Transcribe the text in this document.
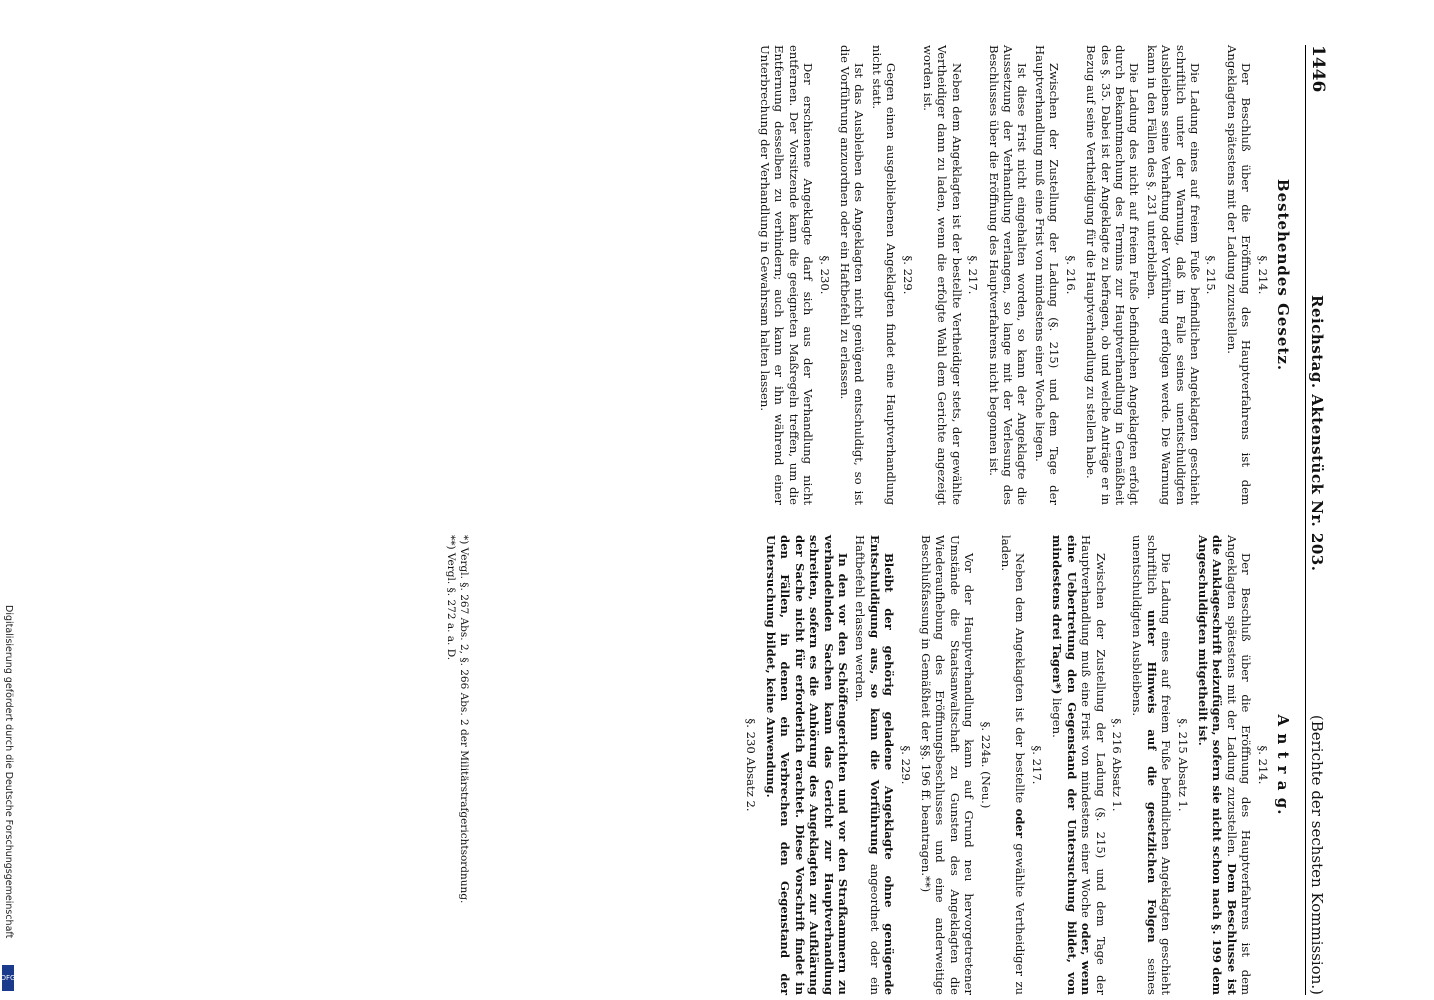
1446
Reichstag. Aktenstück Nr. 203.
(Berichte der sechsten Kommission.)
Bestehendes Gesetz.
§. 214.
Der Beschluß über die Eröffnung des Hauptverfahrens ist dem Angeklagten spätestens mit der Ladung zuzustellen.
§. 215.
Die Ladung eines auf freiem Fuße befindlichen Angeklagten geschieht schriftlich unter der Warnung, daß im Falle seines unentschuldigten Ausbleibens seine Verhaftung oder Vorführung erfolgen werde. Die Warnung kann in den Fällen des §. 231 unterbleiben.
Die Ladung des nicht auf freiem Fuße befindlichen Angeklagten erfolgt durch Bekanntmachung des Termins zur Hauptverhandlung in Gemäßheit des §. 35. Dabei ist der Angeklagte zu befragen, ob und welche Anträge er in Bezug auf seine Vertheidigung für die Hauptverhandlung zu stellen habe.
§. 216.
Zwischen der Zustellung der Ladung (§. 215) und dem Tage der Hauptverhandlung muß eine Frist von mindestens einer Woche liegen.
Ist diese Frist nicht eingehalten worden, so kann der Angeklagte die Aussetzung der Verhandlung verlangen, so lange mit der Verlesung des Beschlusses über die Eröffnung des Hauptverfahrens nicht begonnen ist.
§. 217.
Neben dem Angeklagten ist der bestellte Vertheidiger stets, der gewählte Vertheidiger dann zu laden, wenn die erfolgte Wahl dem Gerichte angezeigt worden ist.
§. 229.
Gegen einen ausgebliebenen Angeklagten findet eine Hauptverhandlung nicht statt.
Ist das Ausbleiben des Angeklagten nicht genügend entschuldigt, so ist die Vorführung anzuordnen oder ein Haftbefehl zu erlassen.
§. 230.
Der erschienene Angeklagte darf sich aus der Verhandlung nicht entfernen. Der Vorsitzende kann die geeigneten Maßregeln treffen, um die Entfernung desselben zu verhindern; auch kann er ihn während einer Unterbrechung der Verhandlung in Gewahrsam halten lassen.
A n t r a g.
§. 214.
Der Beschluß über die Eröffnung des Hauptverfahrens ist dem Angeklagten spätestens mit der Ladung zuzustellen. Dem Beschlusse ist die Anklageschrift beizufügen, sofern sie nicht schon nach §. 199 dem Angeschuldigten mitgetheilt ist.
§. 215 Absatz 1.
Die Ladung eines auf freiem Fuße befindlichen Angeklagten geschieht schriftlich unter Hinweis auf die gesetzlichen Folgen seines unentschuldigten Ausbleibens.
§. 216 Absatz 1.
Zwischen der Zustellung der Ladung (§. 215) und dem Tage der Hauptverhandlung muß eine Frist von mindestens einer Woche oder, wenn eine Uebertretung den Gegenstand der Untersuchung bildet, von mindestens drei Tagen*) liegen.
§. 217.
Neben dem Angeklagten ist der bestellte oder gewählte Vertheidiger zu laden.
§. 224a. (Neu.)
Vor der Hauptverhandlung kann auf Grund neu hervorgetretener Umstände die Staatsanwaltschaft zu Gunsten des Angeklagten die Wiederaufhebung des Eröffnungsbeschlusses und eine anderweitige Beschlußfassung in Gemäßheit der §§. 196 ff. beantragen.**)
§. 229.
Bleibt der gehörig geladene Angeklagte ohne genügende Entschuldigung aus, so kann die Vorführung angeordnet oder ein Haftbefehl erlassen werden.
In den vor den Schöffengerichten und vor den Strafkammern zu verhandelnden Sachen kann das Gericht zur Hauptverhandlung schreiten, sofern es die Anhörung des Angeklagten zur Aufklärung der Sache nicht für erforderlich erachtet. Diese Vorschrift findet in den Fällen, in denen ein Verbrechen den Gegenstand der Untersuchung bildet, keine Anwendung.
§. 230 Absatz 2.
*) Vergl. §. 267 Abs. 2, §. 266 Abs. 2 der Militärstrafgerichtsordnung.
**) Vergl. §. 272 a. a. D.
Digitalisierung gefördert durch die Deutsche Forschungsgemeinschaft
DFG
